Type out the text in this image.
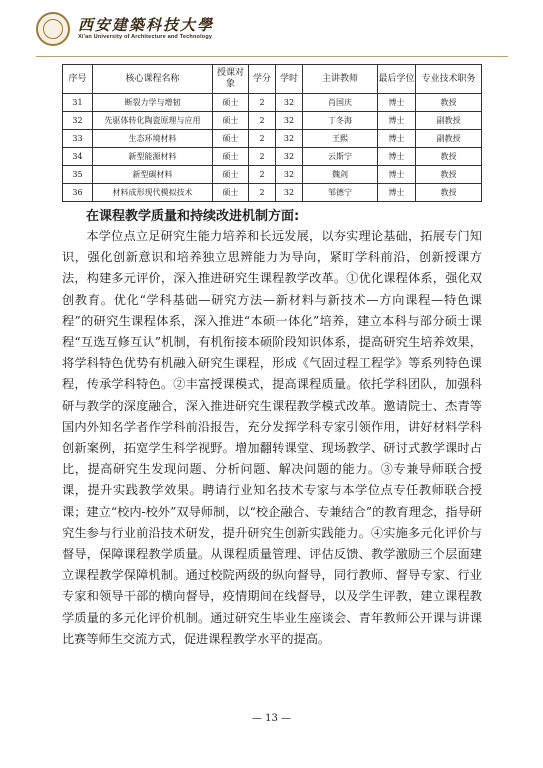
西安建築科技大學
Xi'an University of Architecture and Technology
序号	核心课程名称	授课对象	学分	学时	主讲教师	最后学位	专业技术职务
31	断裂力学与增韧	硕士	2	32	肖国庆	博士	教授
32	先驱体转化陶瓷原理与应用	硕士	2	32	丁冬海	博士	副教授
33	生态环境材料	硕士	2	32	王熙	博士	副教授
34	新型能源材料	硕士	2	32	云斯宁	博士	教授
35	新型碳材料	硕士	2	32	魏剑	博士	教授
36	材料成形现代模拟技术	硕士	2	32	邹德宁	博士	教授
在课程教学质量和持续改进机制方面:

本学位点立足研究生能力培养和长远发展，以夯实理论基础，拓展专门知识，强化创新意识和培养独立思辨能力为导向，紧盯学科前沿，创新授课方法，构建多元评价，深入推进研究生课程教学改革。①优化课程体系，强化双创教育。优化“学科基础—研究方法—新材料与新技术—方向课程—特色课程”的研究生课程体系，深入推进“本硕一体化”培养，建立本科与部分硕士课程“互选互修互认”机制，有机衔接本硕阶段知识体系，提高研究生培养效果，将学科特色优势有机融入研究生课程，形成《气固过程工程学》等系列特色课程，传承学科特色。②丰富授课模式，提高课程质量。依托学科团队，加强科研与教学的深度融合，深入推进研究生课程教学模式改革。邀请院士、杰青等国内外知名学者作学科前沿报告，充分发挥学科专家引领作用，讲好材料学科创新案例，拓宽学生科学视野。增加翻转课堂、现场教学、研讨式教学课时占比，提高研究生发现问题、分析问题、解决问题的能力。③专兼导师联合授课，提升实践教学效果。聘请行业知名技术专家与本学位点专任教师联合授课；建立“校内-校外”双导师制，以“校企融合、专兼结合”的教育理念，指导研究生参与行业前沿技术研发，提升研究生创新实践能力。④实施多元化评价与督导，保障课程教学质量。从课程质量管理、评估反馈、教学激励三个层面建立课程教学保障机制。通过校院两级的纵向督导，同行教师、督导专家、行业专家和领导干部的横向督导，疫情期间在线督导，以及学生评教，建立课程教学质量的多元化评价机制。通过研究生毕业生座谈会、青年教师公开课与讲课比赛等师生交流方式，促进课程教学水平的提高。

— 13 —
